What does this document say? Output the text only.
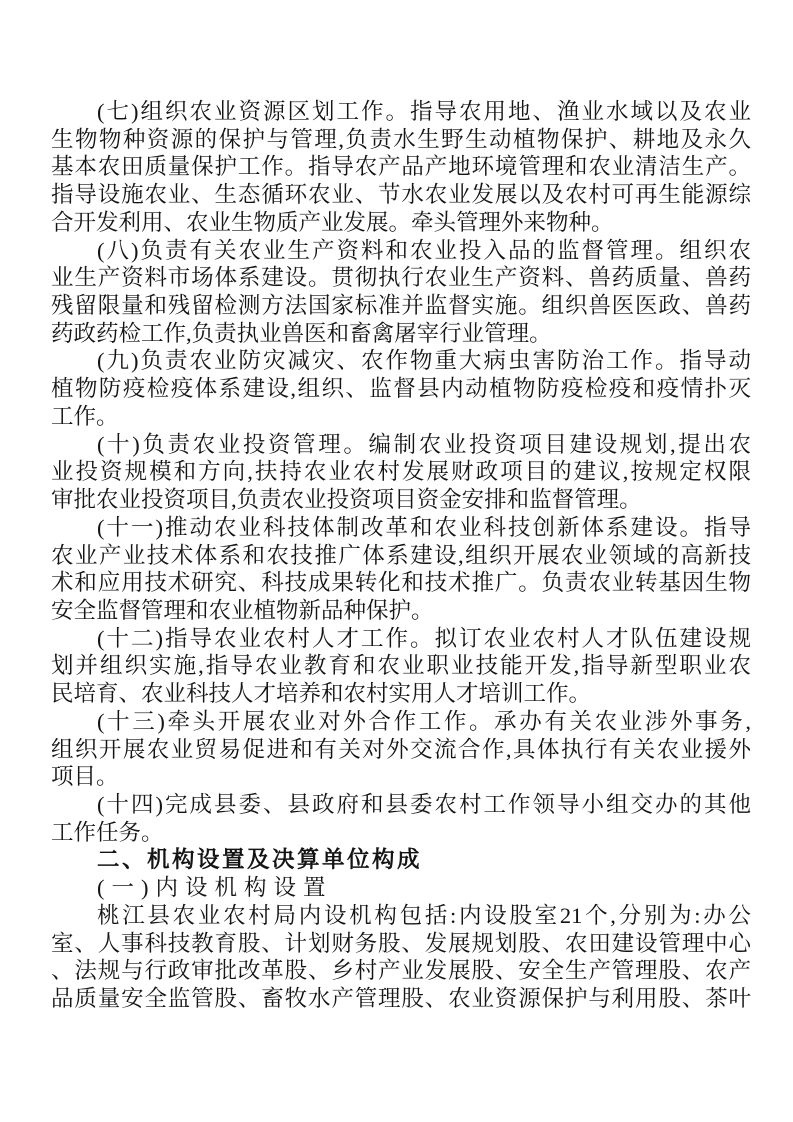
(七)组织农业资源区划工作。指导农用地、渔业水域以及农业
生物物种资源的保护与管理,负责水生野生动植物保护、耕地及永久
基本农田质量保护工作。指导农产品产地环境管理和农业清洁生产。
指导设施农业、生态循环农业、节水农业发展以及农村可再生能源综
合开发利用、农业生物质产业发展。牵头管理外来物种。
(八)负责有关农业生产资料和农业投入品的监督管理。组织农
业生产资料市场体系建设。贯彻执行农业生产资料、兽药质量、兽药
残留限量和残留检测方法国家标准并监督实施。组织兽医医政、兽药
药政药检工作,负责执业兽医和畜禽屠宰行业管理。
(九)负责农业防灾减灾、农作物重大病虫害防治工作。指导动
植物防疫检疫体系建设,组织、监督县内动植物防疫检疫和疫情扑灭
工作。
(十)负责农业投资管理。编制农业投资项目建设规划,提出农
业投资规模和方向,扶持农业农村发展财政项目的建议,按规定权限
审批农业投资项目,负责农业投资项目资金安排和监督管理。
(十一)推动农业科技体制改革和农业科技创新体系建设。指导
农业产业技术体系和农技推广体系建设,组织开展农业领域的高新技
术和应用技术研究、科技成果转化和技术推广。负责农业转基因生物
安全监督管理和农业植物新品种保护。
(十二)指导农业农村人才工作。拟订农业农村人才队伍建设规
划并组织实施,指导农业教育和农业职业技能开发,指导新型职业农
民培育、农业科技人才培养和农村实用人才培训工作。
(十三)牵头开展农业对外合作工作。承办有关农业涉外事务,
组织开展农业贸易促进和有关对外交流合作,具体执行有关农业援外
项目。
(十四)完成县委、县政府和县委农村工作领导小组交办的其他
工作任务。
二、机构设置及决算单位构成
(一)内设机构设置
桃江县农业农村局内设机构包括:内设股室21个,分别为:办公
室、人事科技教育股、计划财务股、发展规划股、农田建设管理中心
、法规与行政审批改革股、乡村产业发展股、安全生产管理股、农产
品质量安全监管股、畜牧水产管理股、农业资源保护与利用股、茶叶
